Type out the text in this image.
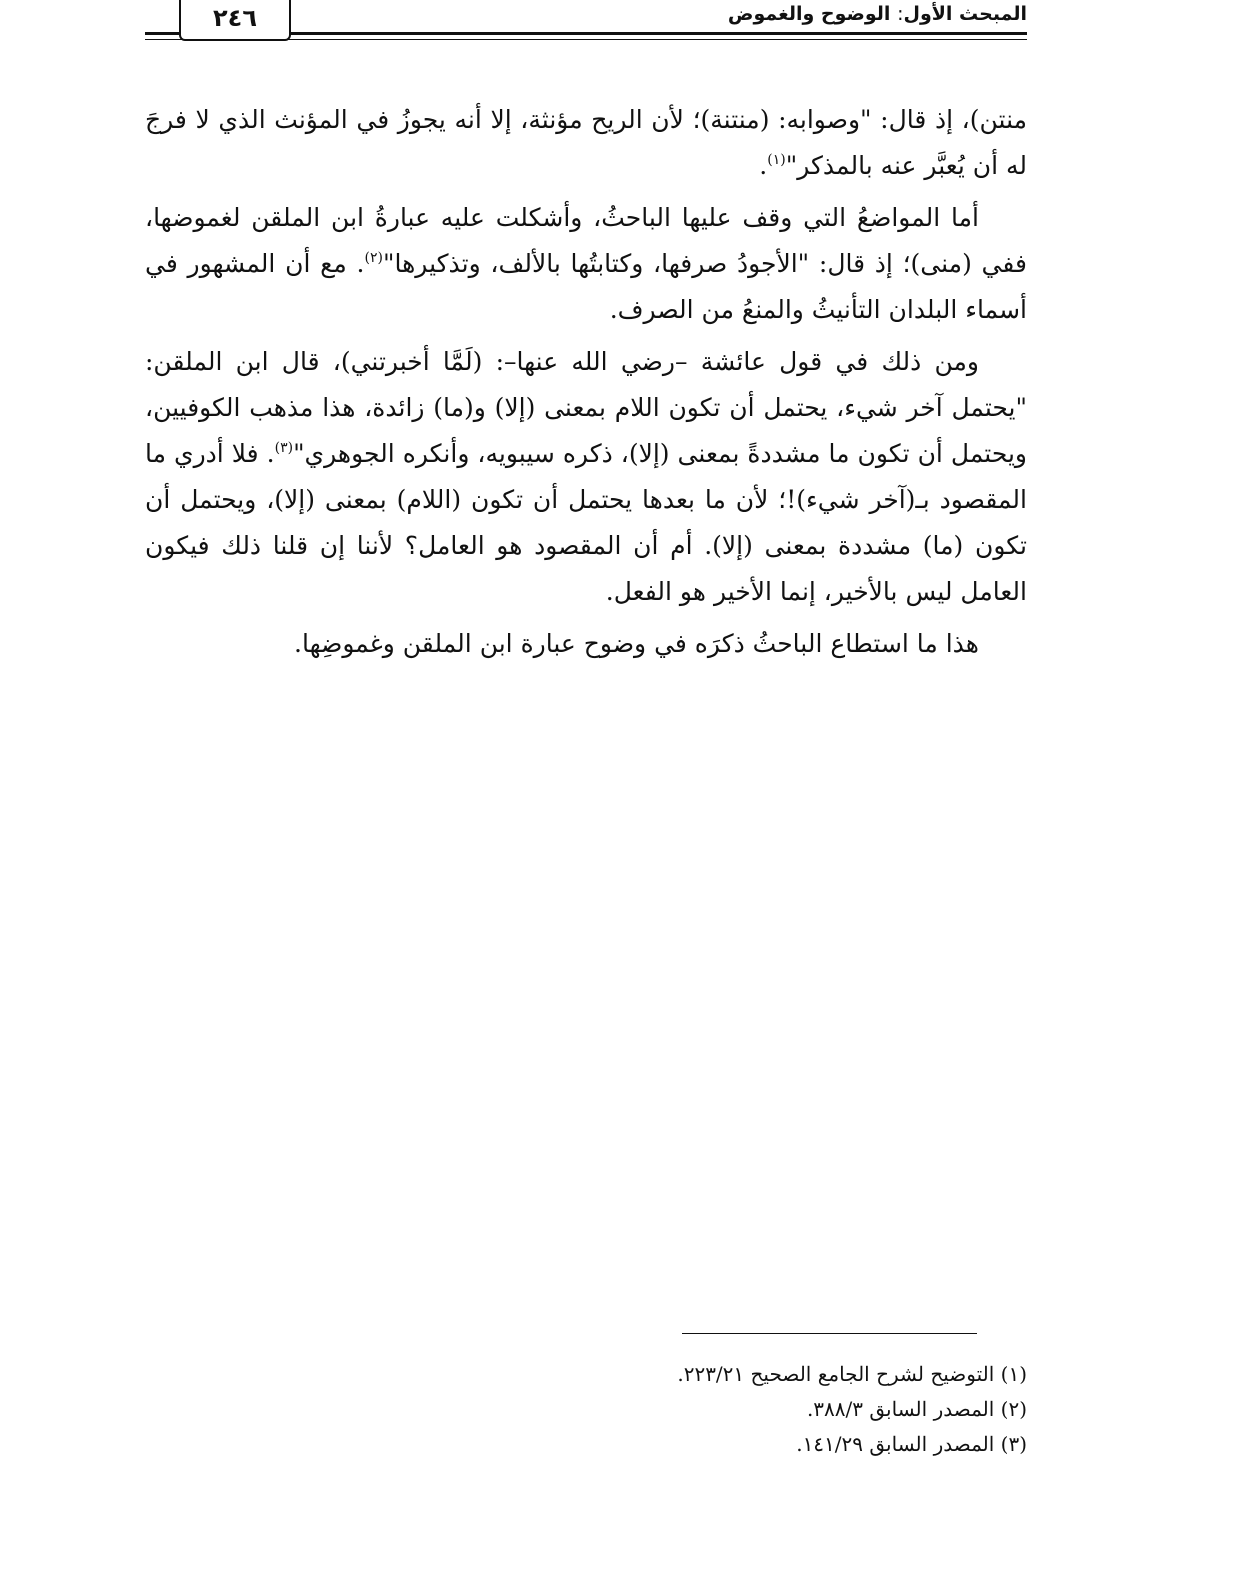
٢٤٦	المبحث الأول: الوضوح والغموض

منتن)، إذ قال: "وصوابه: (منتنة)؛ لأن الريح مؤنثة، إلا أنه يجوزُ في المؤنث الذي لا فرجَ له أن يُعبَّر عنه بالمذكر"$^{(١)}$.

أما المواضعُ التي وقف عليها الباحثُ، وأشكلت عليه عبارةُ ابن الملقن لغموضها، ففي (منى)؛ إذ قال: "الأجودُ صرفها، وكتابتُها بالألف، وتذكيرها"$^{(٢)}$. مع أن المشهور في أسماء البلدان التأنيثُ والمنعُ من الصرف.

ومن ذلك في قول عائشة –رضي الله عنها–: (لَمَّا أخبرتني)، قال ابن الملقن: "يحتمل آخر شيء، يحتمل أن تكون اللام بمعنى (إلا) و(ما) زائدة، هذا مذهب الكوفيين، ويحتمل أن تكون ما مشددةً بمعنى (إلا)، ذكره سيبويه، وأنكره الجوهري"$^{(٣)}$. فلا أدري ما المقصود بـ(آخر شيء)!؛ لأن ما بعدها يحتمل أن تكون (اللام) بمعنى (إلا)، ويحتمل أن تكون (ما) مشددة بمعنى (إلا). أم أن المقصود هو العامل؟ لأننا إن قلنا ذلك فيكون العامل ليس بالأخير، إنما الأخير هو الفعل.

هذا ما استطاع الباحثُ ذكرَه في وضوح عبارة ابن الملقن وغموضِها.

(١) التوضيح لشرح الجامع الصحيح ٢٢٣/٢١.
(٢) المصدر السابق ٣٨٨/٣.
(٣) المصدر السابق ١٤١/٢٩.
